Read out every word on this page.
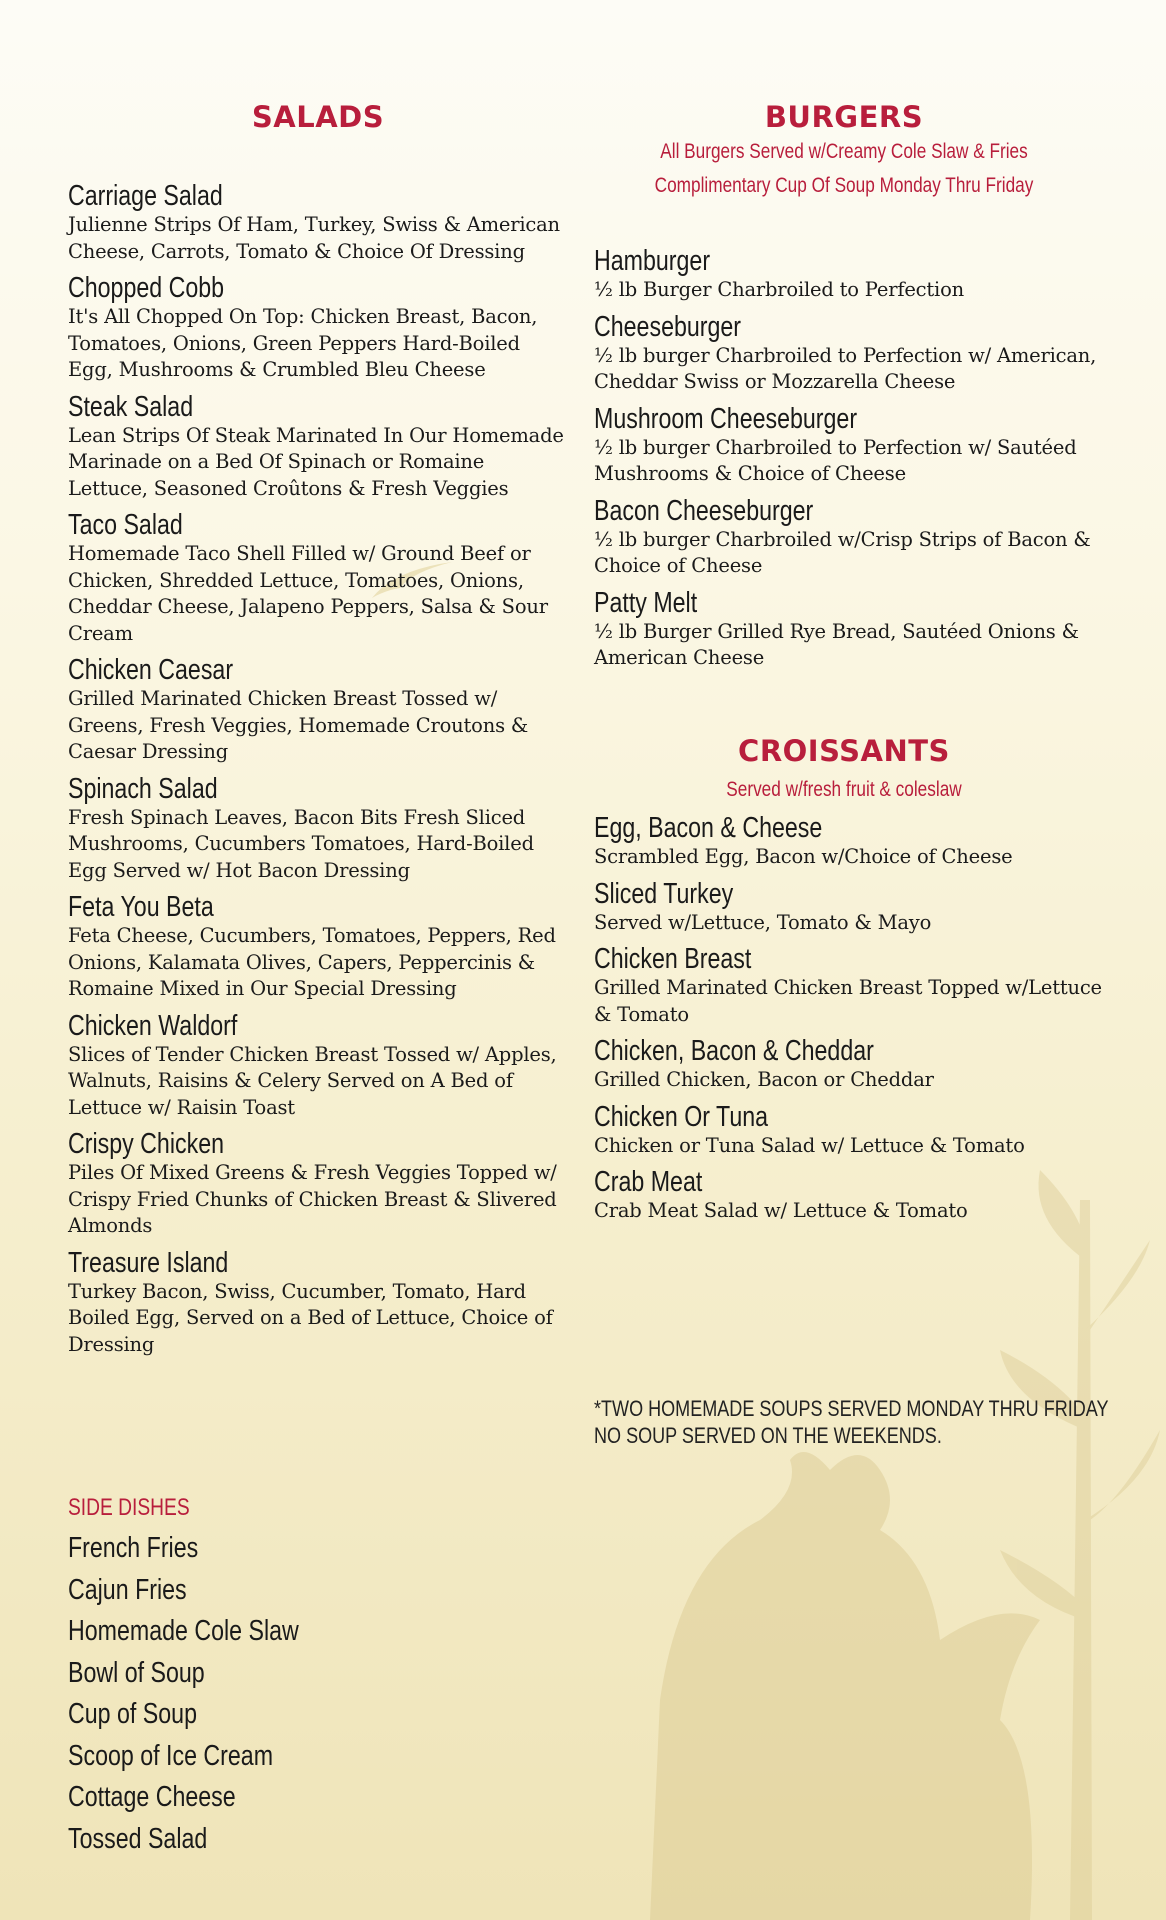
SALADS

Carriage Salad

Julienne Strips Of Ham, Turkey, Swiss & American Cheese, Carrots, Tomato & Choice Of Dressing

Chopped Cobb

It's All Chopped On Top: Chicken Breast, Bacon, Tomatoes, Onions, Green Peppers Hard-Boiled Egg, Mushrooms & Crumbled Bleu Cheese

Steak Salad

Lean Strips Of Steak Marinated In Our Homemade Marinade on a Bed Of Spinach or Romaine Lettuce, Seasoned Croûtons & Fresh Veggies

Taco Salad

Homemade Taco Shell Filled w/ Ground Beef or Chicken, Shredded Lettuce, Tomatoes, Onions, Cheddar Cheese, Jalapeno Peppers, Salsa & Sour Cream

Chicken Caesar

Grilled Marinated Chicken Breast Tossed w/ Greens, Fresh Veggies, Homemade Croutons & Caesar Dressing

Spinach Salad

Fresh Spinach Leaves, Bacon Bits Fresh Sliced Mushrooms, Cucumbers Tomatoes, Hard-Boiled Egg Served w/ Hot Bacon Dressing

Feta You Beta

Feta Cheese, Cucumbers, Tomatoes, Peppers, Red Onions, Kalamata Olives, Capers, Peppercinis & Romaine Mixed in Our Special Dressing

Chicken Waldorf

Slices of Tender Chicken Breast Tossed w/ Apples, Walnuts, Raisins & Celery Served on A Bed of Lettuce w/ Raisin Toast

Crispy Chicken

Piles Of Mixed Greens & Fresh Veggies Topped w/ Crispy Fried Chunks of Chicken Breast & Slivered Almonds

Treasure Island

Turkey Bacon, Swiss, Cucumber, Tomato, Hard Boiled Egg, Served on a Bed of Lettuce, Choice of Dressing

SIDE DISHES

French Fries
Cajun Fries
Homemade Cole Slaw
Bowl of Soup
Cup of Soup
Scoop of Ice Cream
Cottage Cheese
Tossed Salad
BURGERS
All Burgers Served w/Creamy Cole Slaw & Fries
Complimentary Cup Of Soup Monday Thru Friday

Hamburger

½ lb Burger Charbroiled to Perfection

Cheeseburger

½ lb burger Charbroiled to Perfection w/ American, Cheddar Swiss or Mozzarella Cheese

Mushroom Cheeseburger

½ lb burger Charbroiled to Perfection w/ Sautéed Mushrooms & Choice of Cheese

Bacon Cheeseburger

½ lb burger Charbroiled w/Crisp Strips of Bacon & Choice of Cheese

Patty Melt

½ lb Burger Grilled Rye Bread, Sautéed Onions & American Cheese

CROISSANTS
Served w/fresh fruit & coleslaw

Egg, Bacon & Cheese

Scrambled Egg, Bacon w/Choice of Cheese

Sliced Turkey

Served w/Lettuce, Tomato & Mayo

Chicken Breast

Grilled Marinated Chicken Breast Topped w/Lettuce & Tomato

Chicken, Bacon & Cheddar

Grilled Chicken, Bacon or Cheddar

Chicken Or Tuna

Chicken or Tuna Salad w/ Lettuce & Tomato

Crab Meat

Crab Meat Salad w/ Lettuce & Tomato

*TWO HOMEMADE SOUPS SERVED MONDAY THRU FRIDAY
NO SOUP SERVED ON THE WEEKENDS.
